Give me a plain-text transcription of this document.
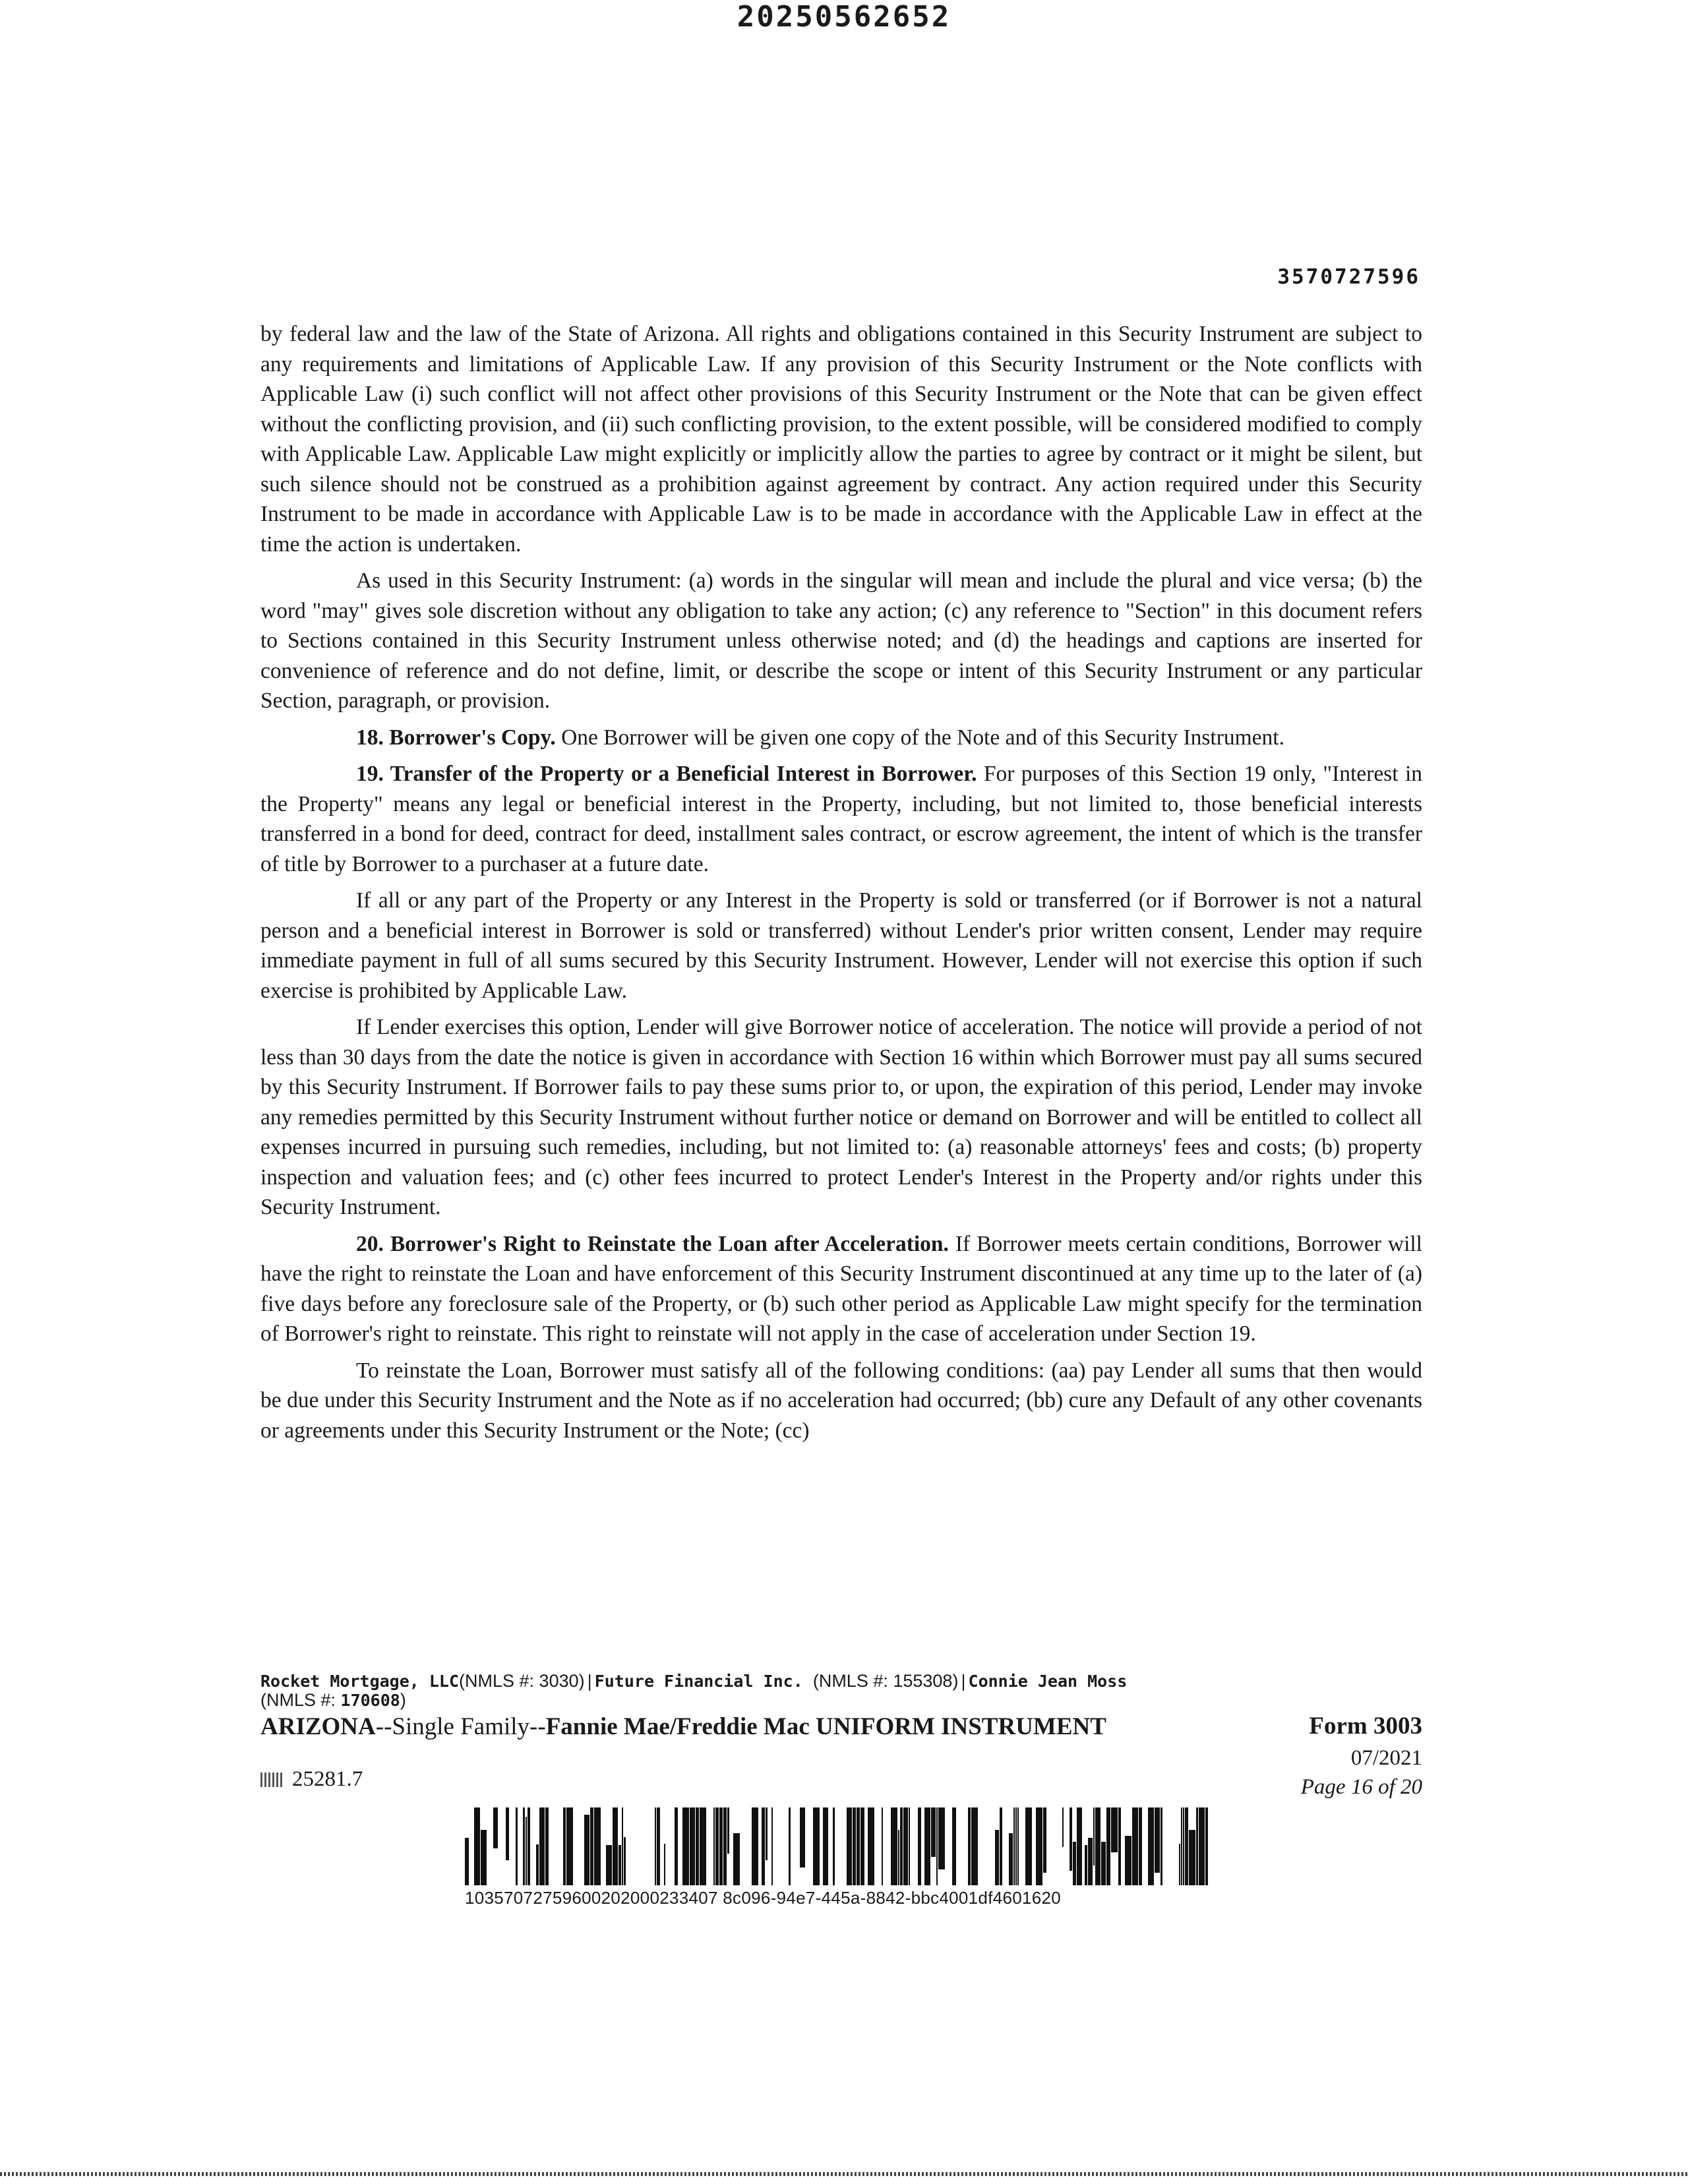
20250562652
3570727596

by federal law and the law of the State of Arizona. All rights and obligations contained in this Security Instrument are subject to any requirements and limitations of Applicable Law. If any provision of this Security Instrument or the Note conflicts with Applicable Law (i) such conflict will not affect other provisions of this Security Instrument or the Note that can be given effect without the conflicting provision, and (ii) such conflicting provision, to the extent possible, will be considered modified to comply with Applicable Law. Applicable Law might explicitly or implicitly allow the parties to agree by contract or it might be silent, but such silence should not be construed as a prohibition against agreement by contract. Any action required under this Security Instrument to be made in accordance with Applicable Law is to be made in accordance with the Applicable Law in effect at the time the action is undertaken.

As used in this Security Instrument: (a) words in the singular will mean and include the plural and vice versa; (b) the word "may" gives sole discretion without any obligation to take any action; (c) any reference to "Section" in this document refers to Sections contained in this Security Instrument unless otherwise noted; and (d) the headings and captions are inserted for convenience of reference and do not define, limit, or describe the scope or intent of this Security Instrument or any particular Section, paragraph, or provision.

18. Borrower's Copy. One Borrower will be given one copy of the Note and of this Security Instrument.

19. Transfer of the Property or a Beneficial Interest in Borrower. For purposes of this Section 19 only, "Interest in the Property" means any legal or beneficial interest in the Property, including, but not limited to, those beneficial interests transferred in a bond for deed, contract for deed, installment sales contract, or escrow agreement, the intent of which is the transfer of title by Borrower to a purchaser at a future date.

If all or any part of the Property or any Interest in the Property is sold or transferred (or if Borrower is not a natural person and a beneficial interest in Borrower is sold or transferred) without Lender's prior written consent, Lender may require immediate payment in full of all sums secured by this Security Instrument. However, Lender will not exercise this option if such exercise is prohibited by Applicable Law.

If Lender exercises this option, Lender will give Borrower notice of acceleration. The notice will provide a period of not less than 30 days from the date the notice is given in accordance with Section 16 within which Borrower must pay all sums secured by this Security Instrument. If Borrower fails to pay these sums prior to, or upon, the expiration of this period, Lender may invoke any remedies permitted by this Security Instrument without further notice or demand on Borrower and will be entitled to collect all expenses incurred in pursuing such remedies, including, but not limited to: (a) reasonable attorneys' fees and costs; (b) property inspection and valuation fees; and (c) other fees incurred to protect Lender's Interest in the Property and/or rights under this Security Instrument.

20. Borrower's Right to Reinstate the Loan after Acceleration. If Borrower meets certain conditions, Borrower will have the right to reinstate the Loan and have enforcement of this Security Instrument discontinued at any time up to the later of (a) five days before any foreclosure sale of the Property, or (b) such other period as Applicable Law might specify for the termination of Borrower's right to reinstate. This right to reinstate will not apply in the case of acceleration under Section 19.

To reinstate the Loan, Borrower must satisfy all of the following conditions: (aa) pay Lender all sums that then would be due under this Security Instrument and the Note as if no acceleration had occurred; (bb) cure any Default of any other covenants or agreements under this Security Instrument or the Note; (cc)

Rocket Mortgage, LLC(NMLS #: 3030)|Future Financial Inc. (NMLS #: 155308)|Connie Jean Moss
(NMLS #: 170608)
ARIZONA--Single Family--Fannie Mae/Freddie Mac UNIFORM INSTRUMENT	Form 3003
07/2021
Page 16 of 20
25281.7
10357072759600202000233407 8c096-94e7-445a-8842-bbc4001df4601620
